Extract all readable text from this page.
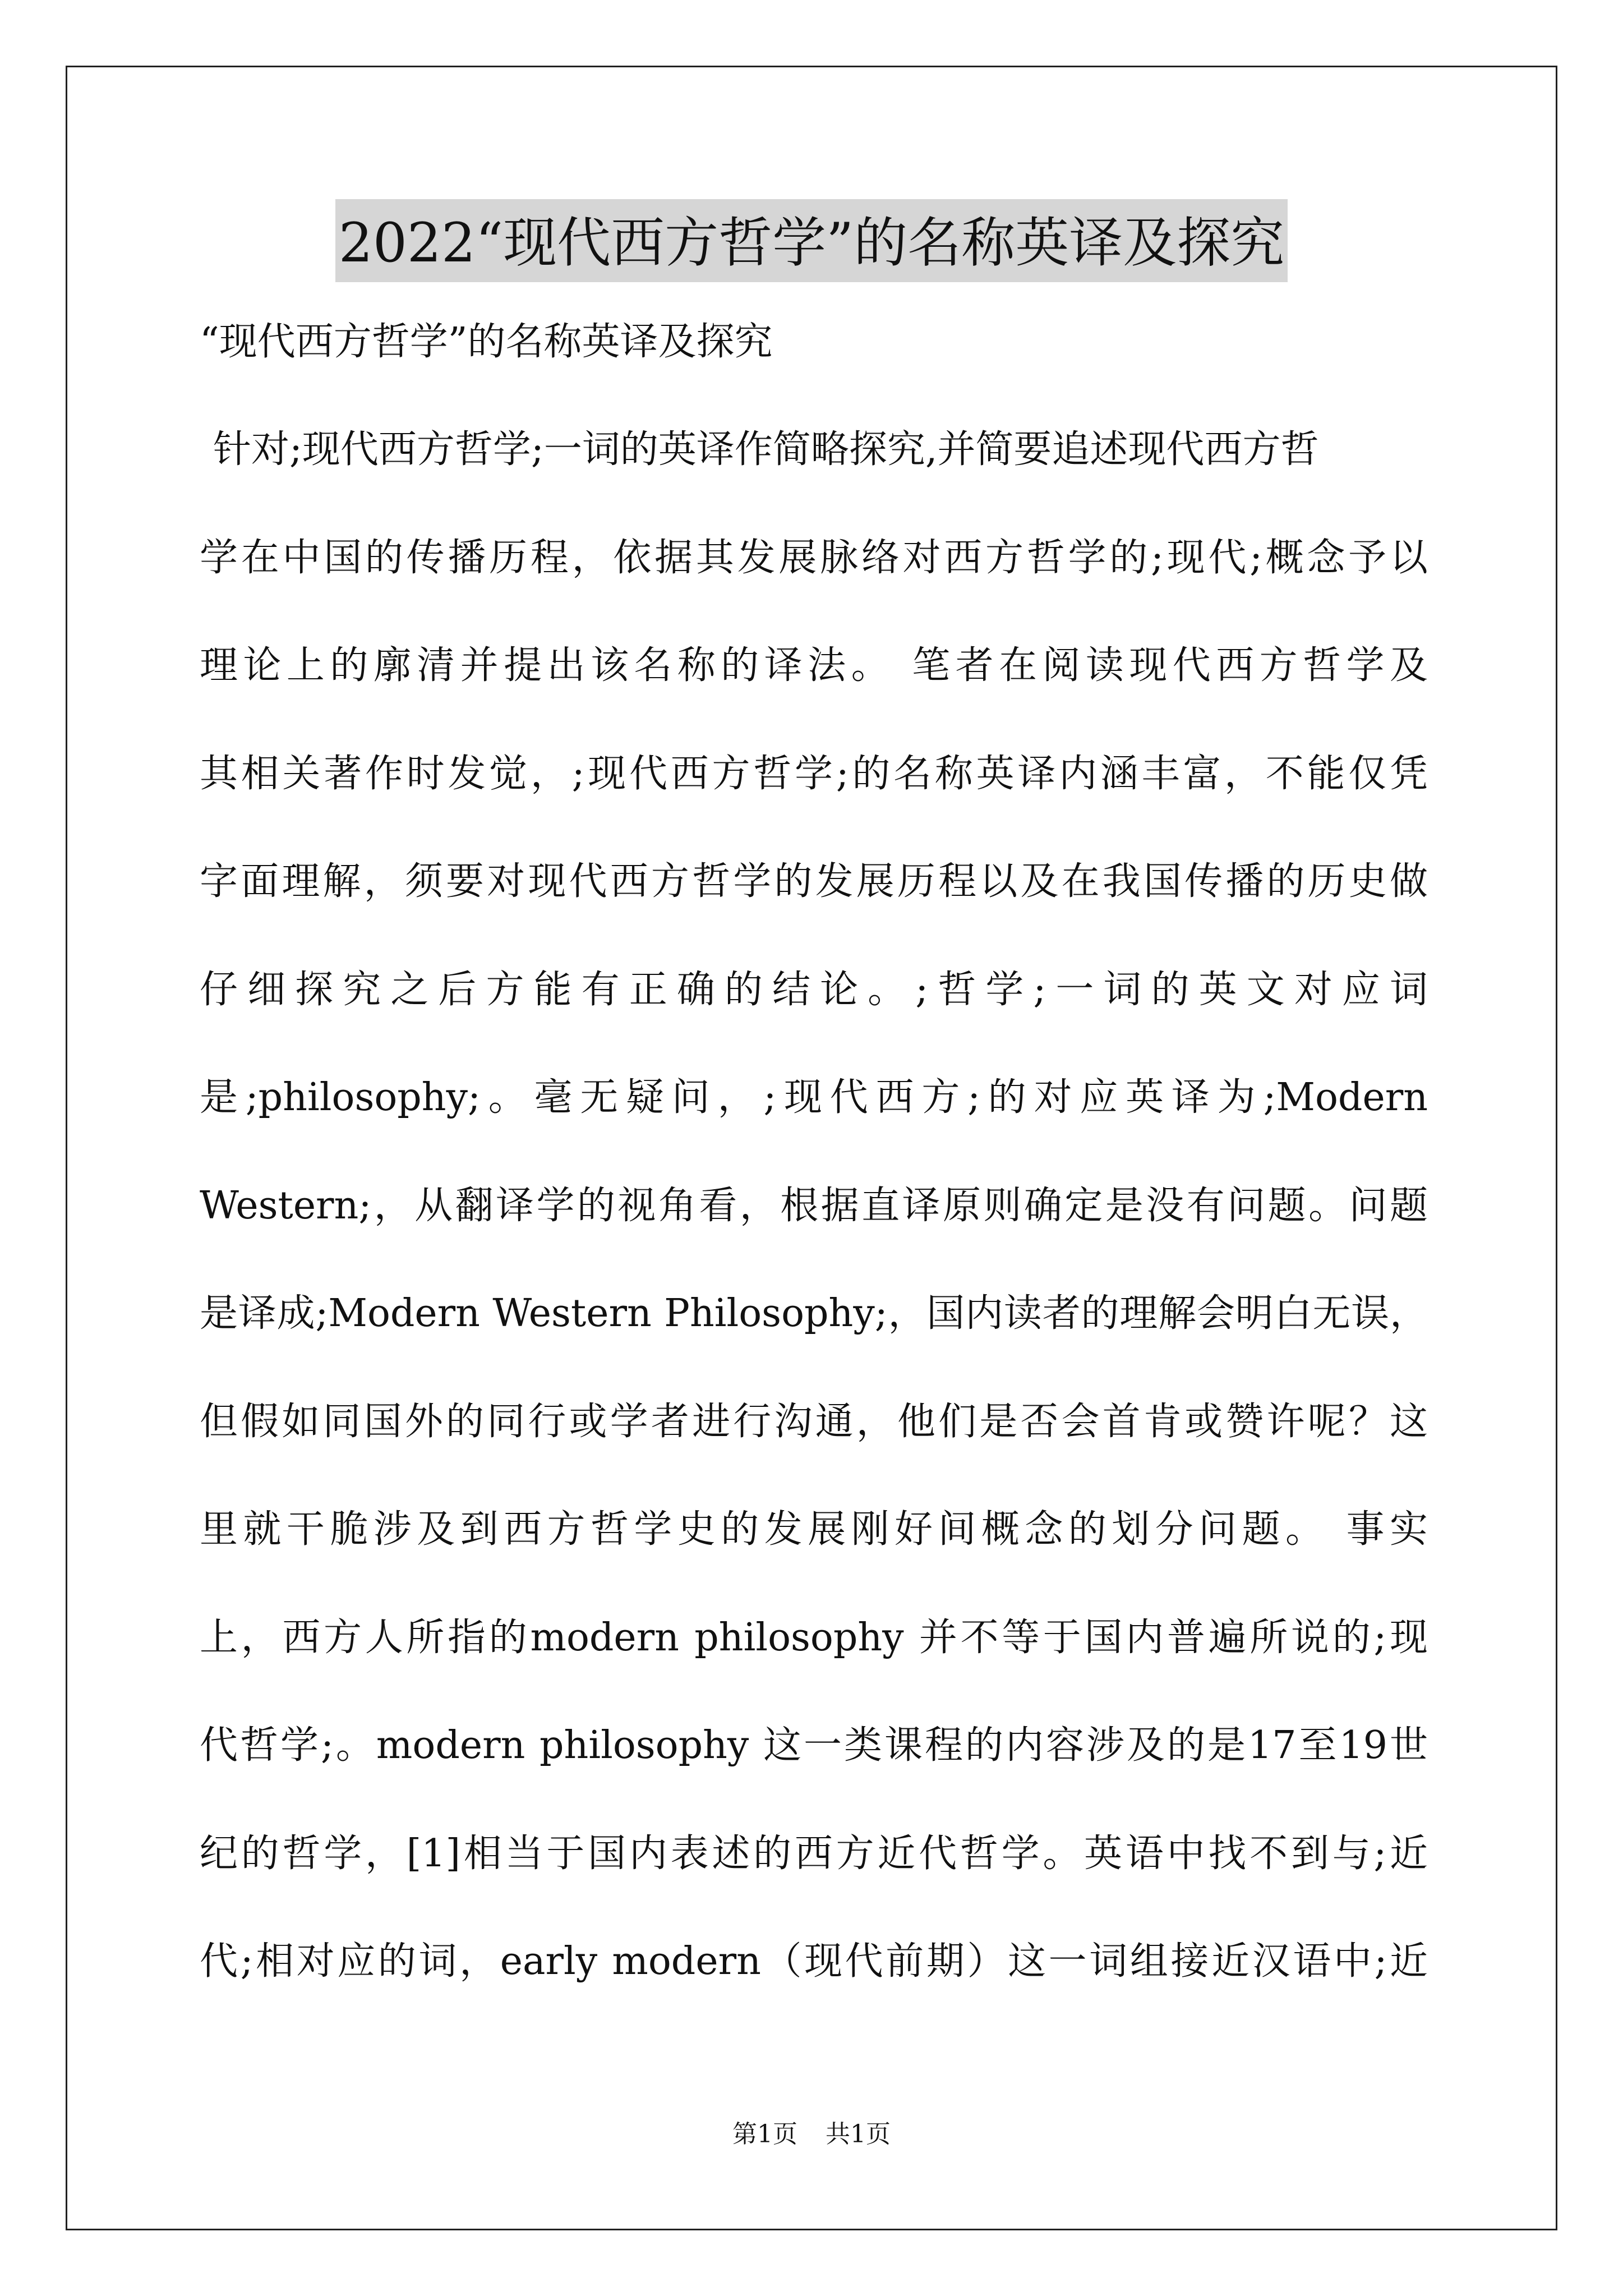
2022“现代西方哲学”的名称英译及探究
“现代西方哲学”的名称英译及探究
针对;现代西方哲学;一词的英译作简略探究,并简要追述现代西方哲
学在中国的传播历程，依据其发展脉络对西方哲学的;现代;概念予以
理论上的廓清并提出该名称的译法。 笔者在阅读现代西方哲学及
其相关著作时发觉，;现代西方哲学;的名称英译内涵丰富，不能仅凭
字面理解，须要对现代西方哲学的发展历程以及在我国传播的历史做
仔细探究之后方能有正确的结论。;哲学;一词的英文对应词
是;philosophy;。毫无疑问，;现代西方;的对应英译为;Modern
Western;，从翻译学的视角看，根据直译原则确定是没有问题。问题
是译成;Modern Western Philosophy;，国内读者的理解会明白无误，
但假如同国外的同行或学者进行沟通，他们是否会首肯或赞许呢？这
里就干脆涉及到西方哲学史的发展刚好间概念的划分问题。 事实
上，西方人所指的modern philosophy 并不等于国内普遍所说的;现
代哲学;。modern philosophy 这一类课程的内容涉及的是17至19世
纪的哲学，[1]相当于国内表述的西方近代哲学。英语中找不到与;近
代;相对应的词，early modern（现代前期）这一词组接近汉语中;近
第1页 共1页
